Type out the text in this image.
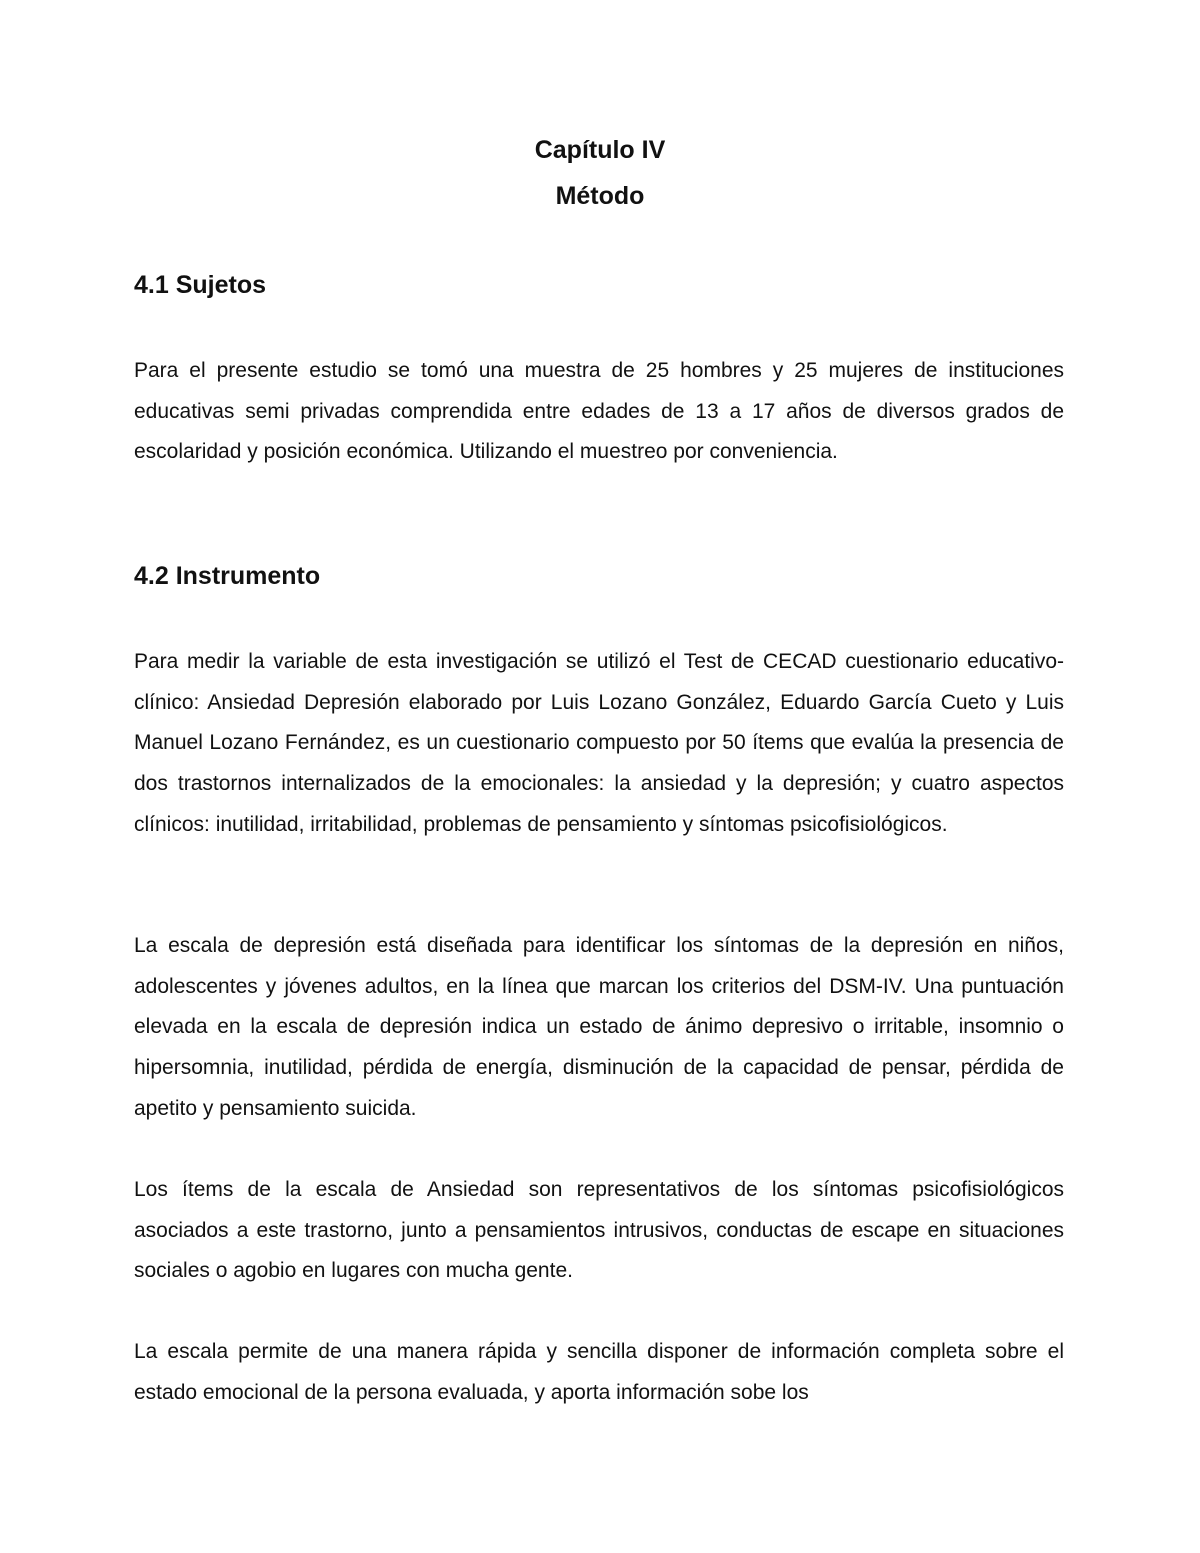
Capítulo IV
Método
4.1 Sujetos

Para el presente estudio se tomó una muestra de 25 hombres y 25 mujeres de instituciones educativas semi privadas comprendida entre edades de 13 a 17 años de diversos grados de escolaridad y posición económica. Utilizando el muestreo por conveniencia.

4.2 Instrumento

Para medir la variable de esta investigación se utilizó el Test de CECAD cuestionario educativo-clínico: Ansiedad Depresión elaborado por Luis Lozano González, Eduardo García Cueto y Luis Manuel Lozano Fernández, es un cuestionario compuesto por 50 ítems que evalúa la presencia de dos trastornos internalizados de la emocionales: la ansiedad y la depresión; y cuatro aspectos clínicos: inutilidad, irritabilidad, problemas de pensamiento y síntomas psicofisiológicos.

La escala de depresión está diseñada para identificar los síntomas de la depresión en niños, adolescentes y jóvenes adultos, en la línea que marcan los criterios del DSM-IV. Una puntuación elevada en la escala de depresión indica un estado de ánimo depresivo o irritable, insomnio o hipersomnia, inutilidad, pérdida de energía, disminución de la capacidad de pensar, pérdida de apetito y pensamiento suicida.

Los ítems de la escala de Ansiedad son representativos de los síntomas psicofisiológicos asociados a este trastorno, junto a pensamientos intrusivos, conductas de escape en situaciones sociales o agobio en lugares con mucha gente.

La escala permite de una manera rápida y sencilla disponer de información completa sobre el estado emocional de la persona evaluada, y aporta información sobe los
